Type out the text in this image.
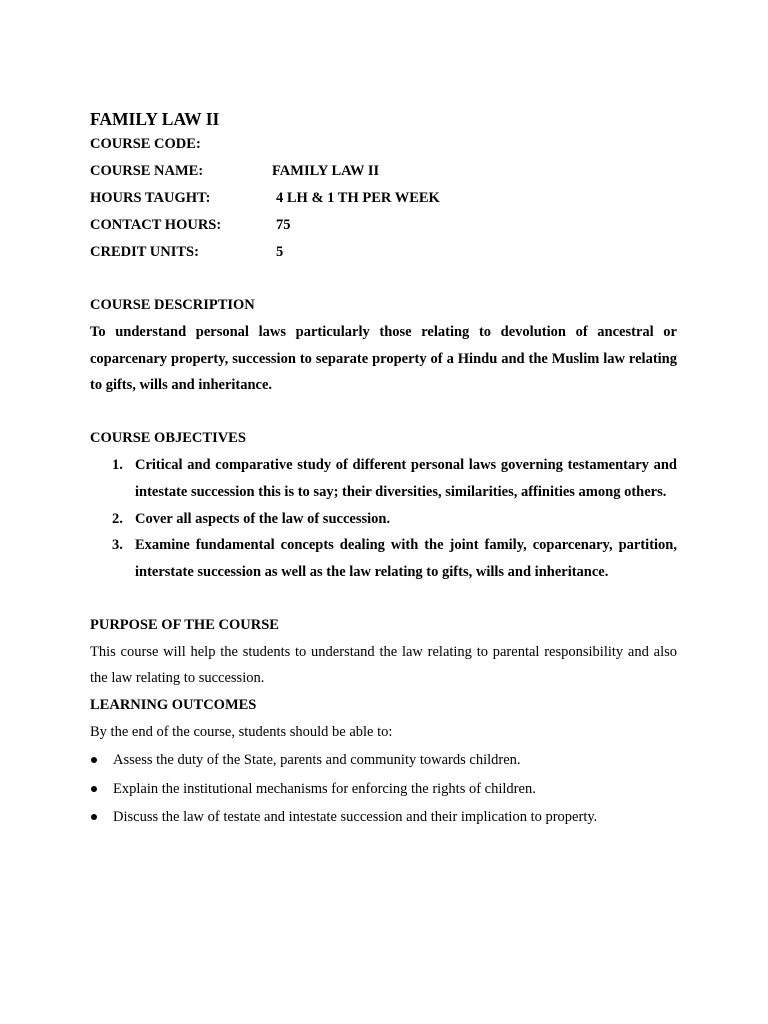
FAMILY LAW II
COURSE CODE:
COURSE NAME:	FAMILY LAW II
HOURS TAUGHT:	4 LH & 1 TH PER WEEK
CONTACT HOURS:	75
CREDIT UNITS:	5
COURSE DESCRIPTION

To understand personal laws particularly those relating to devolution of ancestral or coparcenary property, succession to separate property of a Hindu and the Muslim law relating to gifts, wills and inheritance.

COURSE OBJECTIVES
1. Critical and comparative study of different personal laws governing testamentary and intestate succession this is to say; their diversities, similarities, affinities among others.
2. Cover all aspects of the law of succession.
3. Examine fundamental concepts dealing with the joint family, coparcenary, partition, interstate succession as well as the law relating to gifts, wills and inheritance.
PURPOSE OF THE COURSE

This course will help the students to understand the law relating to parental responsibility and also the law relating to succession.

LEARNING OUTCOMES

By the end of the course, students should be able to:

Assess the duty of the State, parents and community towards children.
Explain the institutional mechanisms for enforcing the rights of children.
Discuss the law of testate and intestate succession and their implication to property.
